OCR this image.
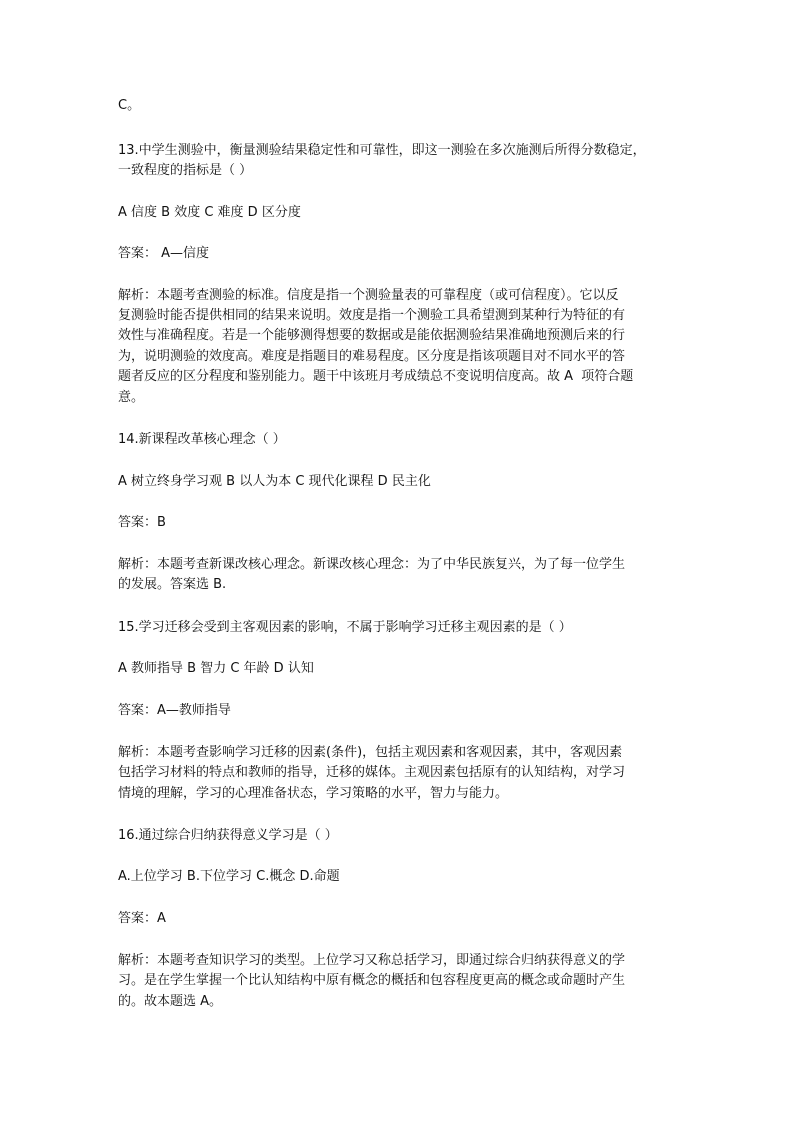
C。
13.中学生测验中，衡量测验结果稳定性和可靠性，即这一测验在多次施测后所得分数稳定，
一致程度的指标是（ ）
A 信度 B 效度 C 难度 D 区分度
答案： A—信度
解析：本题考查测验的标准。信度是指一个测验量表的可靠程度（或可信程度）。它以反
复测验时能否提供相同的结果来说明。效度是指一个测验工具希望测到某种行为特征的有
效性与准确程度。若是一个能够测得想要的数据或是能依据测验结果准确地预测后来的行
为，说明测验的效度高。难度是指题目的难易程度。区分度是指该项题目对不同水平的答
题者反应的区分程度和鉴别能力。题干中该班月考成绩总不变说明信度高。故 A  项符合题
意。
14.新课程改革核心理念（ ）
A 树立终身学习观 B 以人为本 C 现代化课程 D 民主化
答案：B
解析：本题考查新课改核心理念。新课改核心理念：为了中华民族复兴，为了每一位学生
的发展。答案选 B.
15.学习迁移会受到主客观因素的影响，不属于影响学习迁移主观因素的是（ ）
A 教师指导 B 智力 C 年龄 D 认知
答案：A—教师指导
解析：本题考查影响学习迁移的因素(条件)，包括主观因素和客观因素，其中，客观因素
包括学习材料的特点和教师的指导，迁移的媒体。主观因素包括原有的认知结构，对学习
情境的理解，学习的心理准备状态，学习策略的水平，智力与能力。
16.通过综合归纳获得意义学习是（ ）
A.上位学习 B.下位学习 C.概念 D.命题
答案：A
解析：本题考查知识学习的类型。上位学习又称总括学习，即通过综合归纳获得意义的学
习。是在学生掌握一个比认知结构中原有概念的概括和包容程度更高的概念或命题时产生
的。故本题选 A。
